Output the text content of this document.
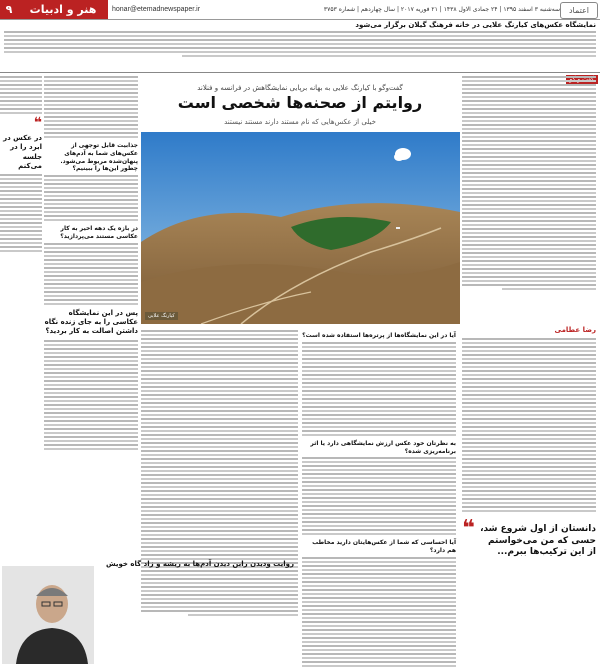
۹	هنر و ادبیات	honar@etemadnewspaper.ir	سه‌شنبه ۳ اسفند ۱۳۹۵ | ۲۴ جمادی الاول ۱۴۳۸ | ۲۱ فوریه ۲۰۱۷ | سال چهاردهم | شماره ۳۷۵۳	اعتماد
نمایشگاه عکس‌های کیارنگ علایی در خانه فرهنگ گیلان برگزار می‌شود
گفت‌وگو با کیارنگ علایی به بهانه برپایی نمایشگاهش در فرانسه و فنلاند
روایتم از صحنه‌ها شخصی است
خیلی از عکس‌هایی که نام مستند دارند مستند نیستند
کیارنگ علایی
رضا عطامی
دانستان از اول شروع شد، حسی که من می‌خواستم از این ترکیب‌ها ببرم...
❝
آیا در این نمایشگاه‌ها از پرتره‌ها استفاده شده است؟
به نظرتان خود عکس ارزش نمایشگاهی دارد یا اثر برنامه‌ریزی شده؟
آیا احساسی که شما از عکس‌هایتان دارید مخاطب هم دارد؟
جذابیت قابل توجهی از عکس‌های شما به آدم‌های پنهان‌شده مربوط می‌شود. چطور این‌ها را ببینیم؟
در بازه یک دهه اخیر به کار عکاسی مستند می‌پردازید؟
پس در این نمایشگاه عکاسی را به جای زنده نگاه داشتن اصالت به کار بردید؟
❝
در عکس در ابرد را در جلسه‌ می‌کنم
روایت ودیدن رابن دیدن آدم‌ها به ریشه و زاد گاه خویش
